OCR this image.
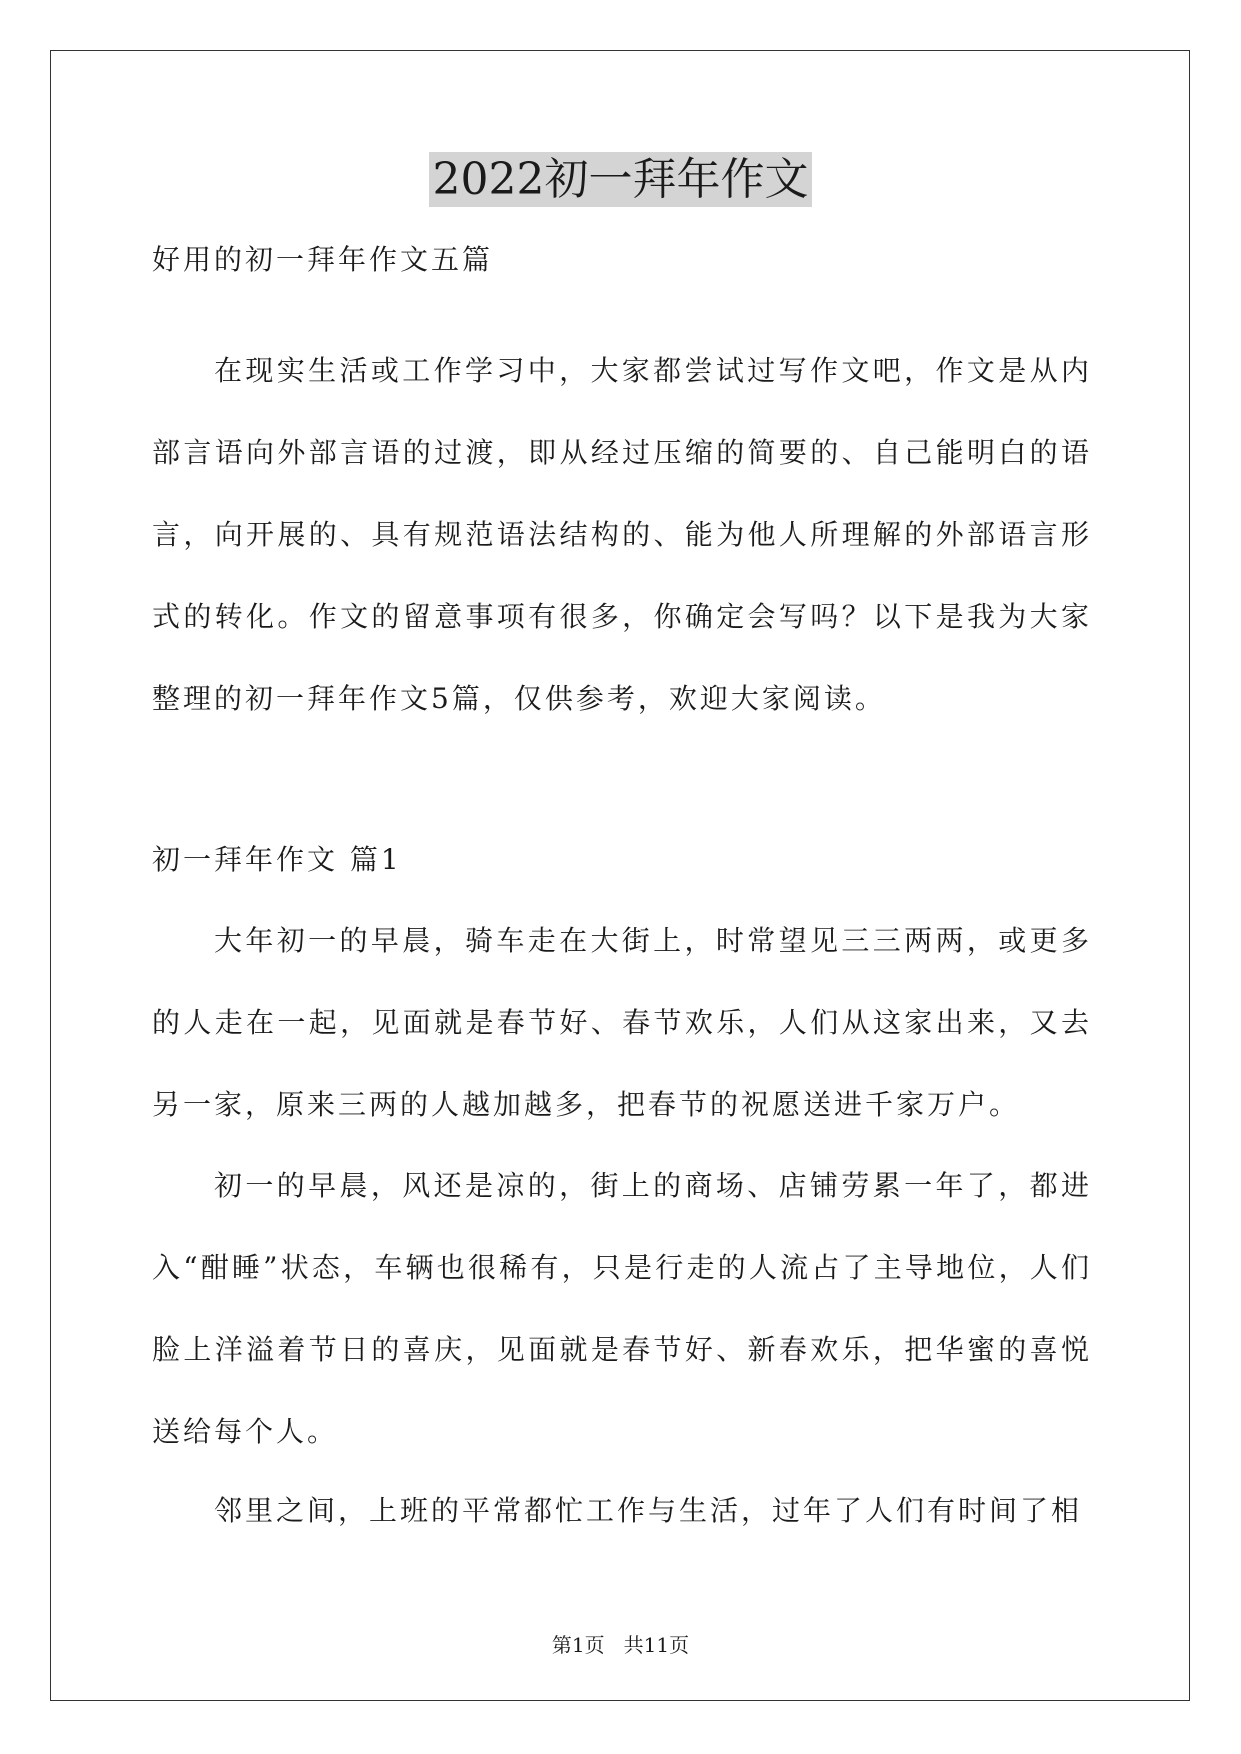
2022初一拜年作文
好用的初一拜年作文五篇
在现实生活或工作学习中，大家都尝试过写作文吧，作文是从内部言语向外部言语的过渡，即从经过压缩的简要的、自己能明白的语言，向开展的、具有规范语法结构的、能为他人所理解的外部语言形式的转化。作文的留意事项有很多，你确定会写吗？以下是我为大家整理的初一拜年作文5篇，仅供参考，欢迎大家阅读。
初一拜年作文 篇1
大年初一的早晨，骑车走在大街上，时常望见三三两两，或更多的人走在一起，见面就是春节好、春节欢乐，人们从这家出来，又去另一家，原来三两的人越加越多，把春节的祝愿送进千家万户。
初一的早晨，风还是凉的，街上的商场、店铺劳累一年了，都进入“酣睡”状态，车辆也很稀有，只是行走的人流占了主导地位，人们脸上洋溢着节日的喜庆，见面就是春节好、新春欢乐，把华蜜的喜悦送给每个人。
邻里之间，上班的平常都忙工作与生活，过年了人们有时间了相
第1页   共11页
